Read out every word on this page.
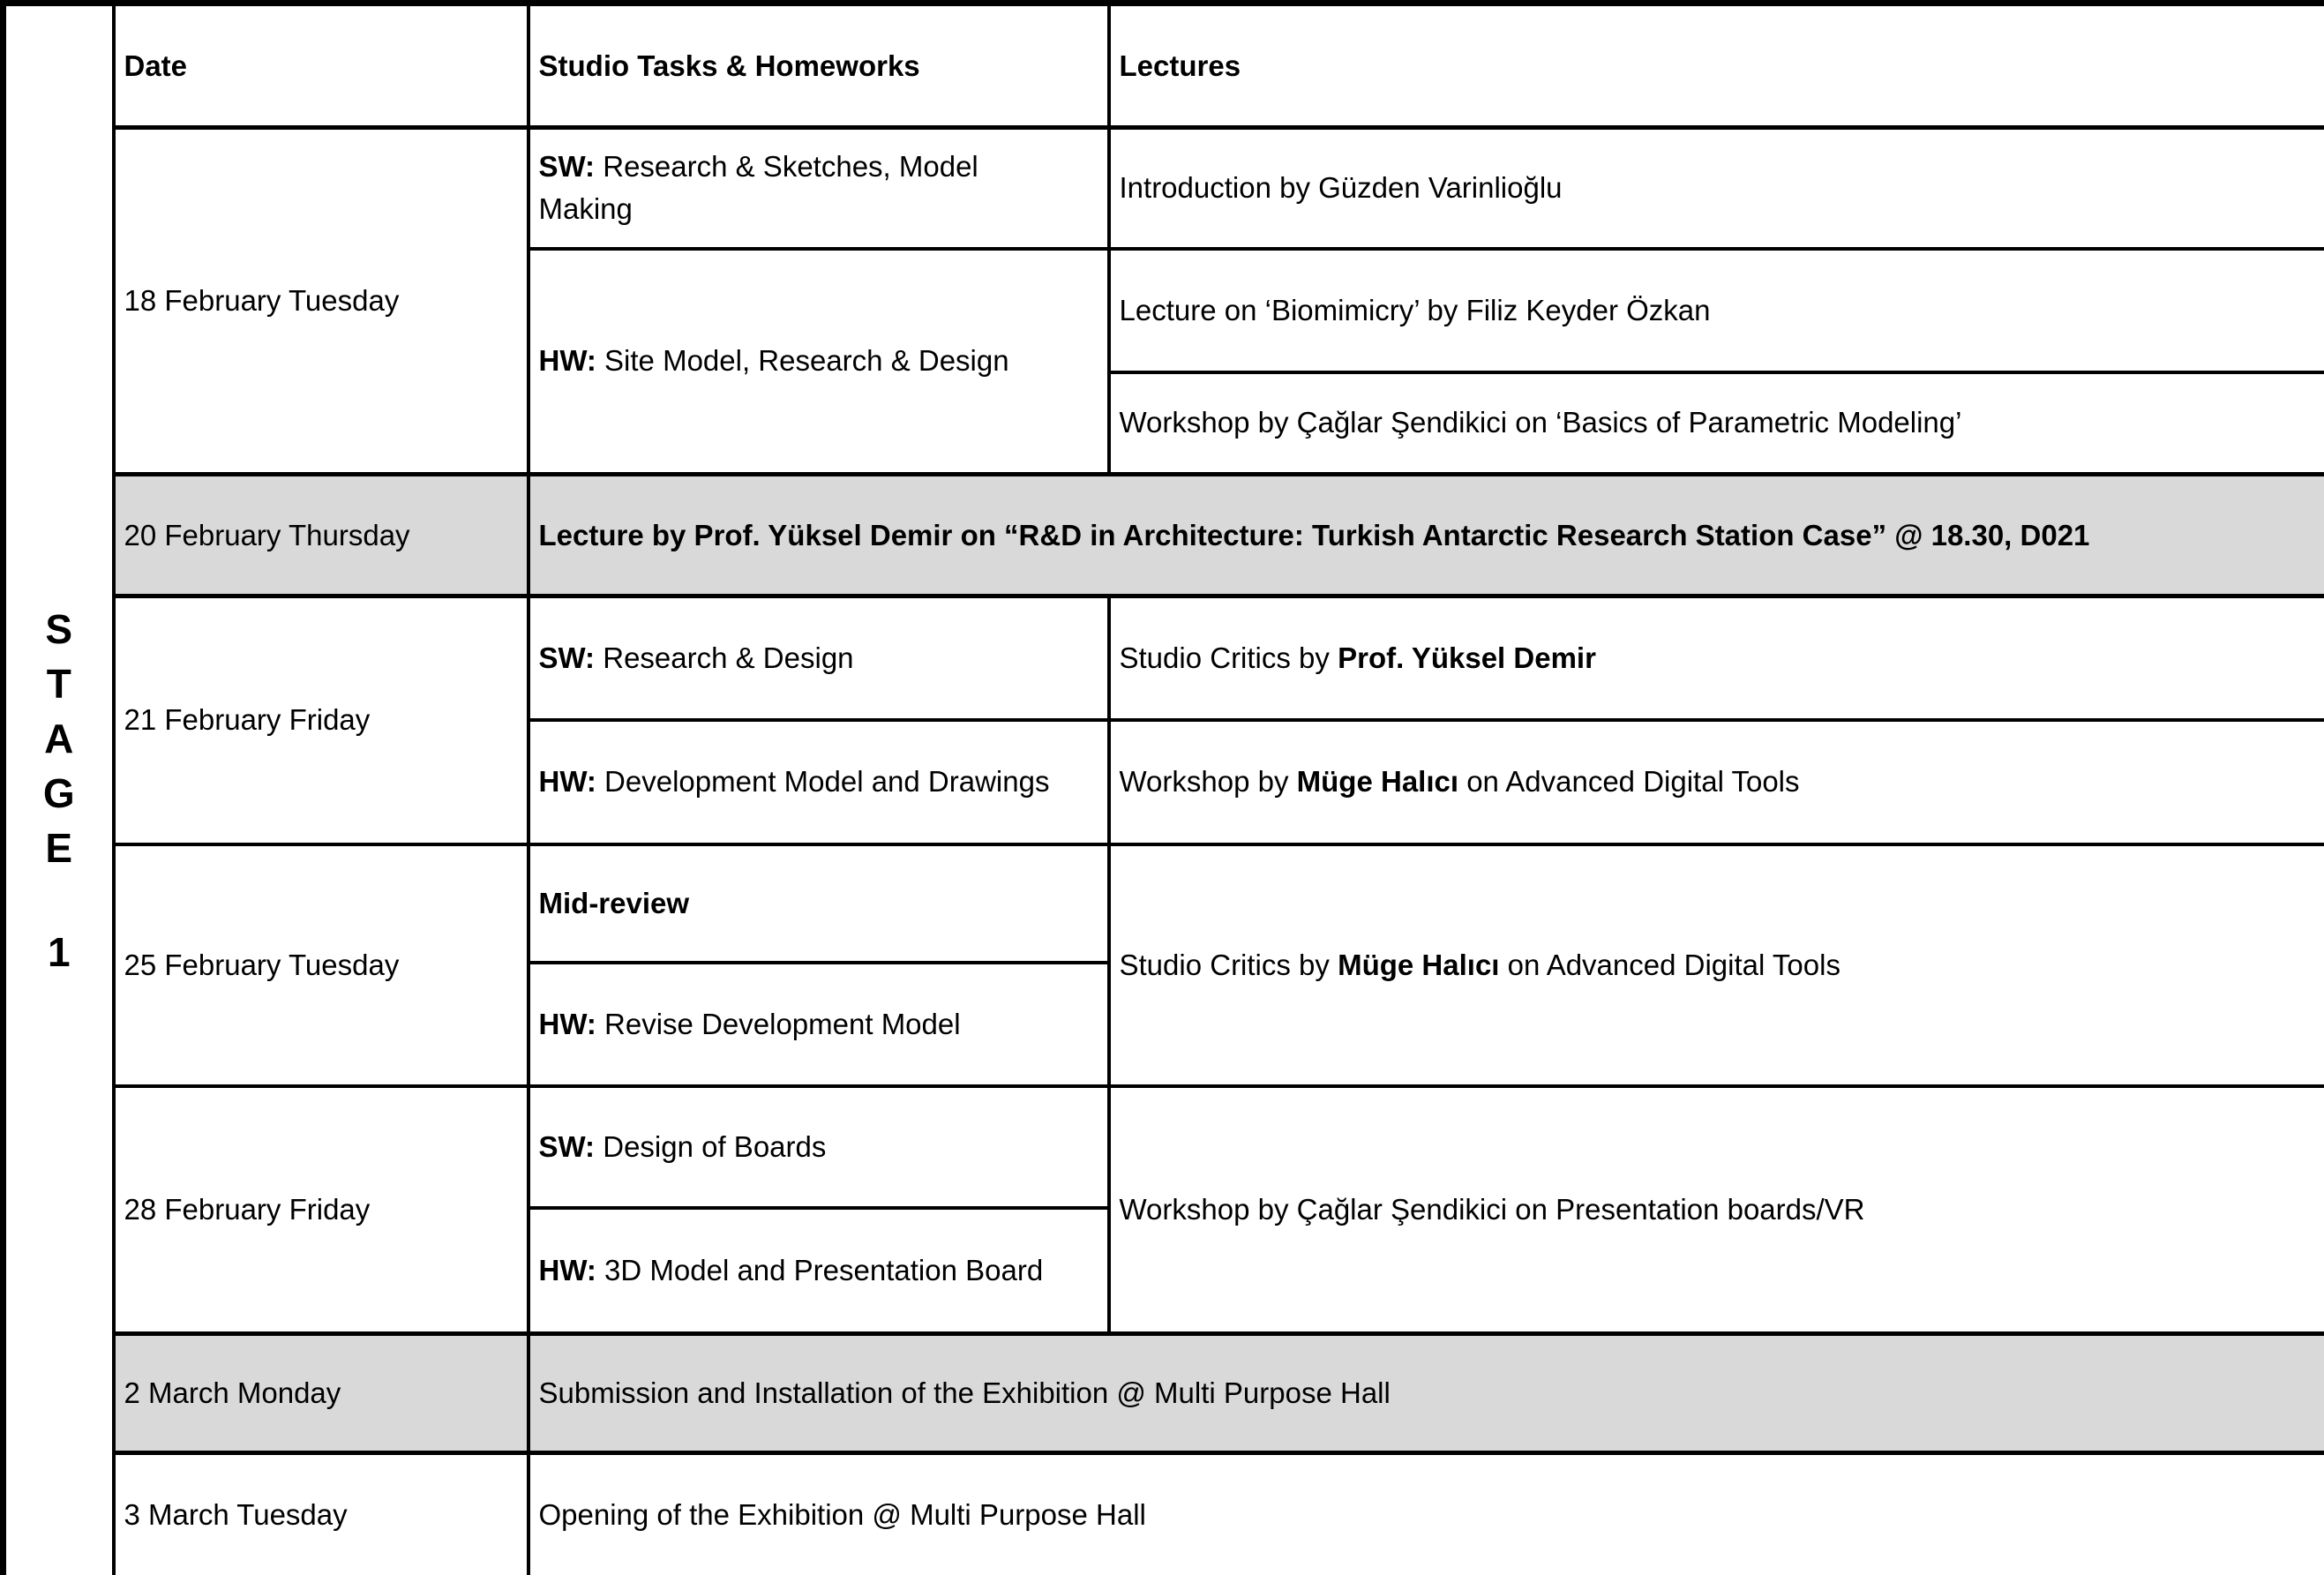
S
T
A
G
E
1
	Date	Studio Tasks & Homeworks	Lectures
	18 February Tuesday	SW: Research & Sketches, Model Making	Introduction by Güzden Varinlioğlu
		HW: Site Model, Research & Design	Lecture on ‘Biomimicry’ by Filiz Keyder Özkan
			Workshop by Çağlar Şendikici on ‘Basics of Parametric Modeling’
	20 February Thursday	Lecture by Prof. Yüksel Demir on “R&D in Architecture: Turkish Antarctic Research Station Case” @ 18.30, D021	
	21 February Friday	SW: Research & Design	Studio Critics by Prof. Yüksel Demir
		HW: Development Model and Drawings	Workshop by Müge Halıcı on Advanced Digital Tools
	25 February Tuesday	Mid-review	Studio Critics by Müge Halıcı on Advanced Digital Tools
		HW: Revise Development Model	
	28 February Friday	SW: Design of Boards	Workshop by Çağlar Şendikici on Presentation boards/VR
		HW: 3D Model and Presentation Board	
	2 March Monday	Submission and Installation of the Exhibition @ Multi Purpose Hall	
	3 March Tuesday	Opening of the Exhibition @ Multi Purpose Hall	
